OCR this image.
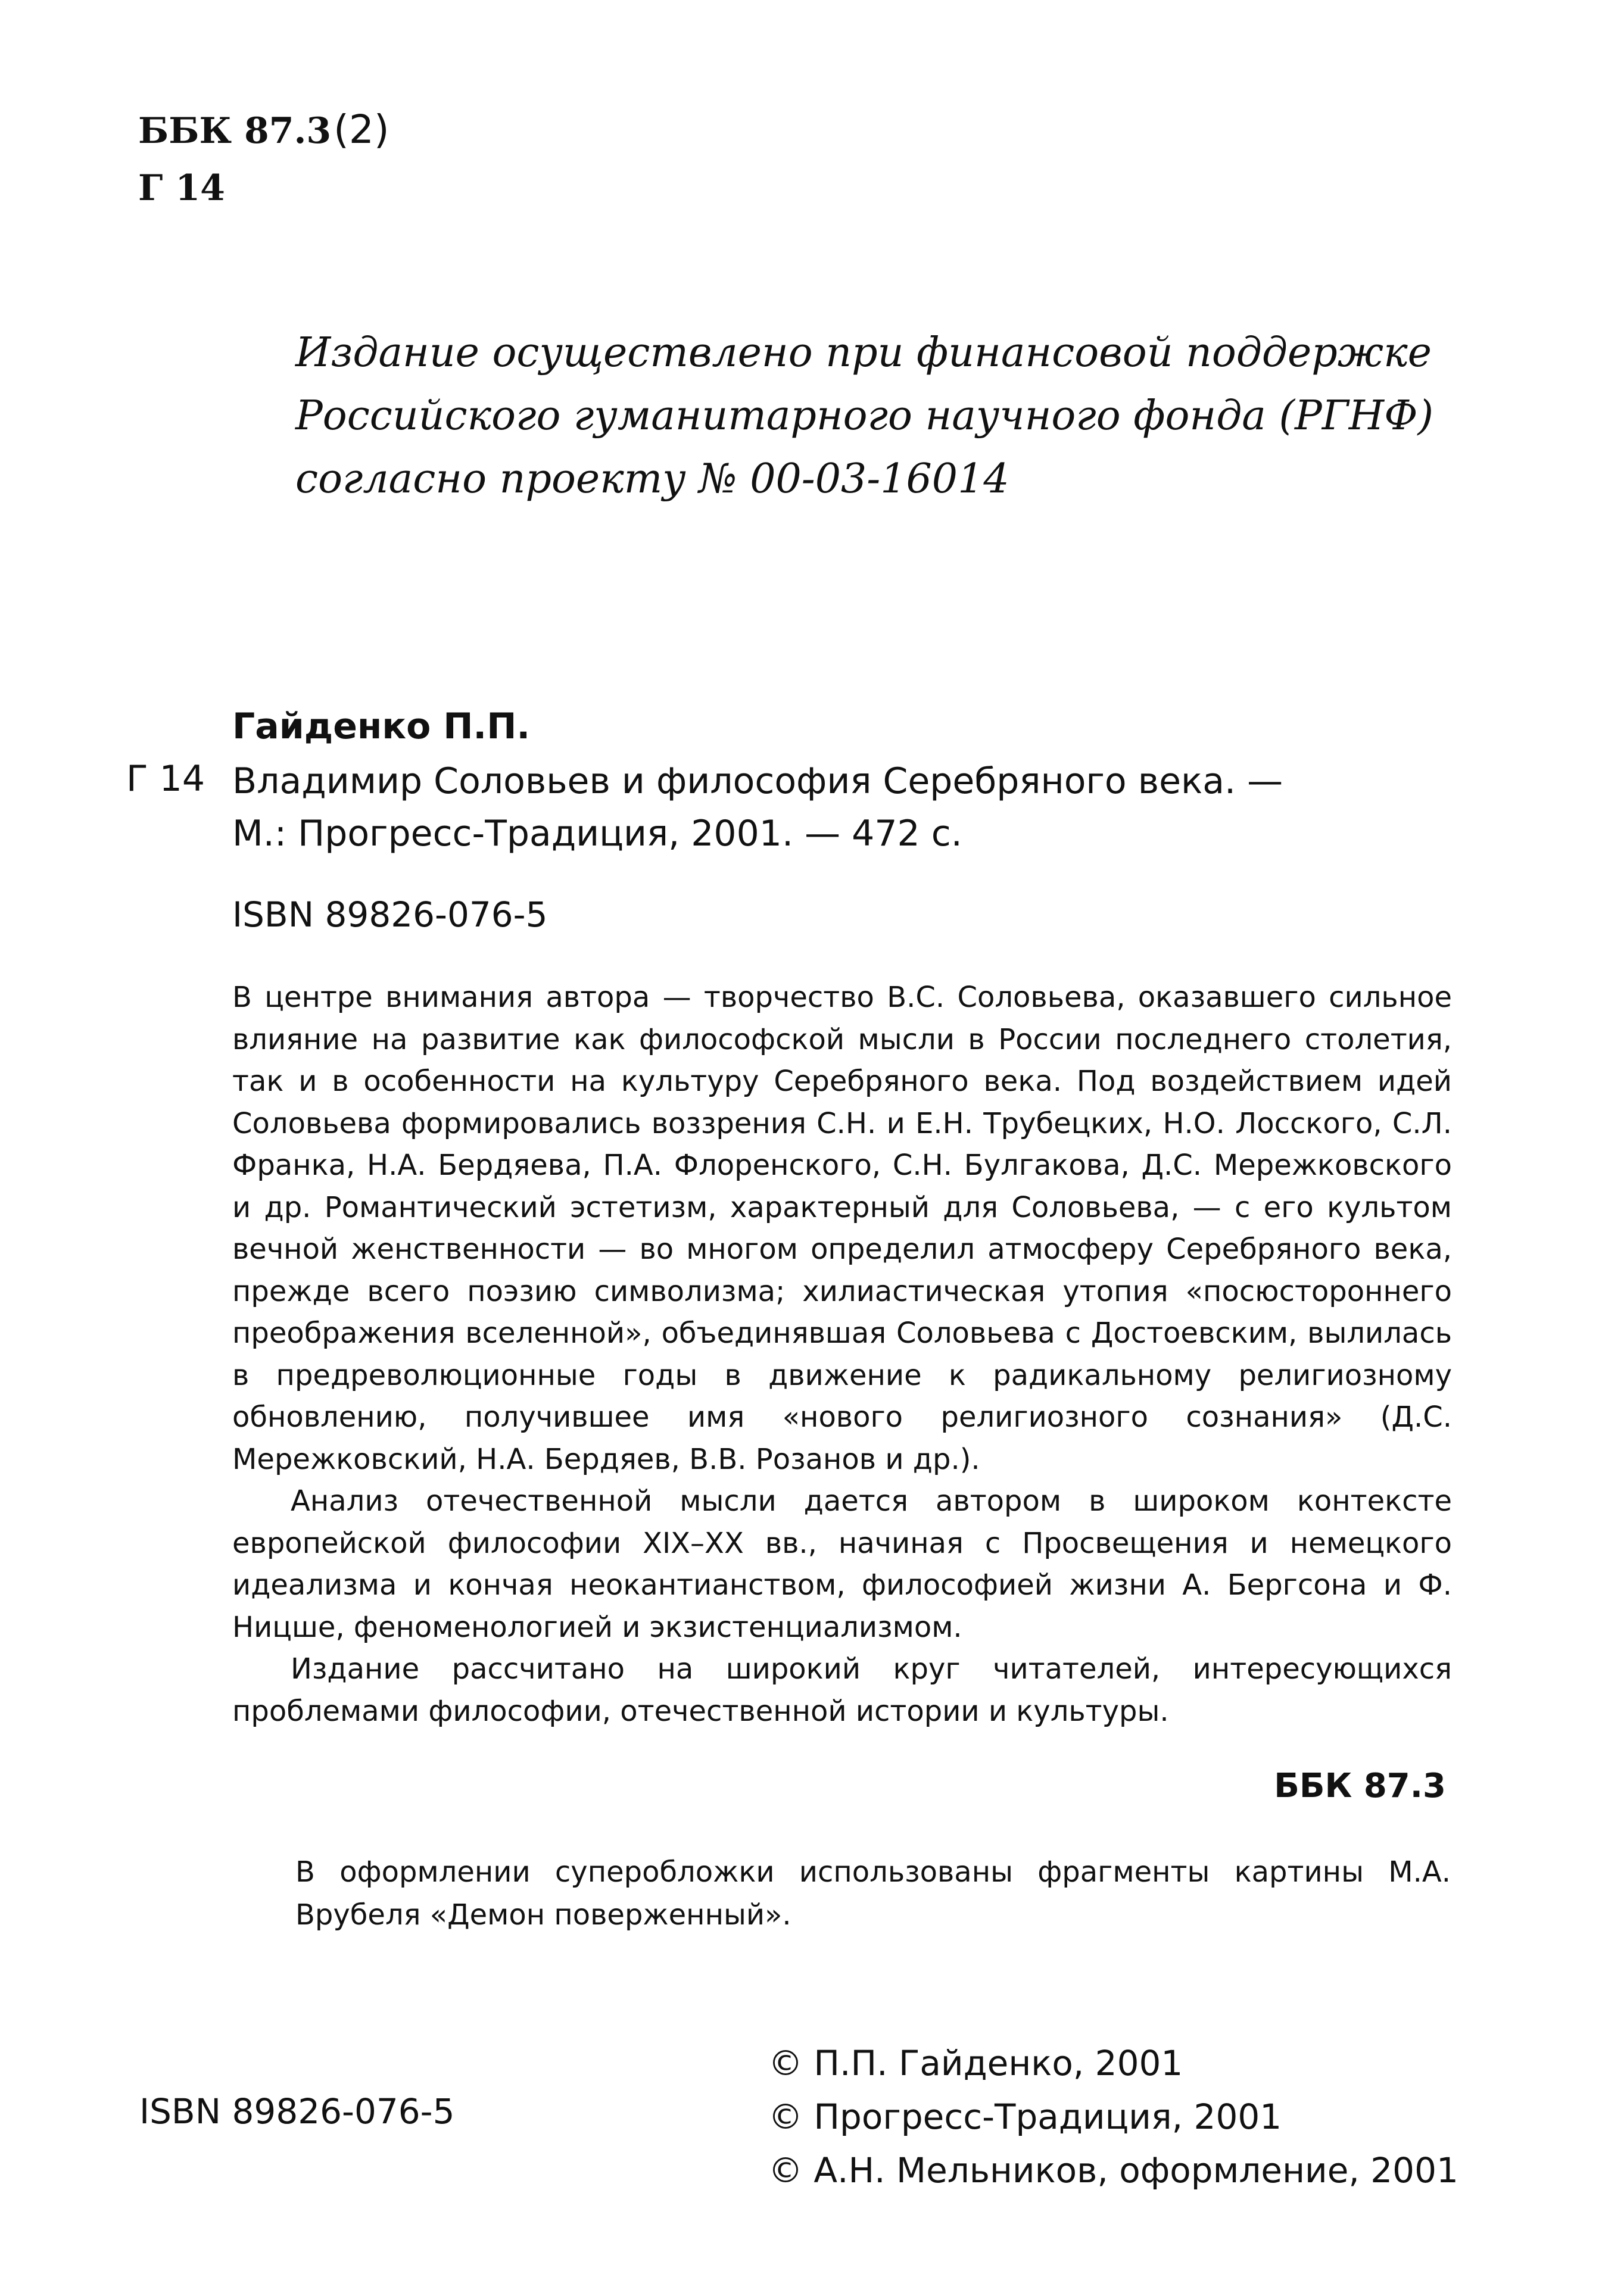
ББК 87.3(2)
Г 14
Издание осуществлено при финансовой поддержке
Российского гуманитарного научного фонда (РГНФ)
согласно проекту № 00-03-16014
Гайденко П.П.
Г 14 Владимир Соловьев и философия Серебряного века. —
М.: Прогресс-Традиция, 2001. — 472 с.
ISBN 89826-076-5

В центре внимания автора — творчество В.С. Соловьева, оказавшего сильное влияние на развитие как философской мысли в России последнего столетия, так и в особенности на культуру Серебряного века. Под воздействием идей Соловьева формировались воззрения С.Н. и Е.Н. Трубецких, Н.О. Лосского, С.Л. Франка, Н.А. Бердяева, П.А. Флоренского, С.Н. Булгакова, Д.С. Мережковского и др. Романтический эстетизм, характерный для Соловьева, — с его культом вечной женственности — во многом определил атмосферу Серебряного века, прежде всего поэзию символизма; хилиастическая утопия «посюстороннего преображения вселенной», объединявшая Соловьева с Достоевским, вылилась в предреволюционные годы в движение к радикальному религиозному обновлению, получившее имя «нового религиозного сознания» (Д.С. Мережковский, Н.А. Бердяев, В.В. Розанов и др.).

Анализ отечественной мысли дается автором в широком контексте европейской философии XIX–XX вв., начиная с Просвещения и немецкого идеализма и кончая неокантианством, философией жизни А. Бергсона и Ф. Ницше, феноменологией и экзистенциализмом.

Издание рассчитано на широкий круг читателей, интересующихся проблемами философии, отечественной истории и культуры.

ББК 87.3
В оформлении суперобложки использованы фрагменты картины М.А. Врубеля «Демон поверженный».
© П.П. Гайденко, 2001
© Прогресс-Традиция, 2001
© А.Н. Мельников, оформление, 2001
ISBN 89826-076-5
